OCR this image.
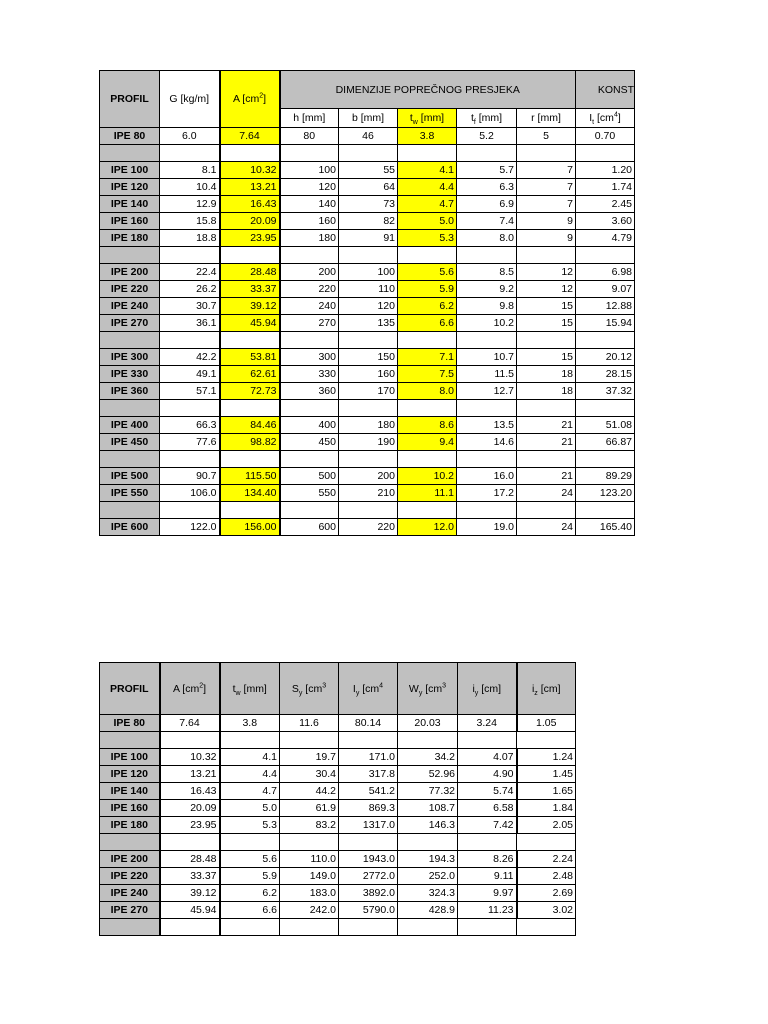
PROFIL	G [kg/m]	A $[cm^2]$	DIMENZIJE POPREČNOG PRESJEKA					KONST
			h [mm]	b [mm]	$t_w$ [mm]	$t_f$ [mm]	r [mm]	$I_t$ $[cm^4]$
IPE 80	6.0	7.64	80	46	3.8	5.2	5	0.70

IPE 100	8.1	10.32	100	55	4.1	5.7	7	1.20
IPE 120	10.4	13.21	120	64	4.4	6.3	7	1.74
IPE 140	12.9	16.43	140	73	4.7	6.9	7	2.45
IPE 160	15.8	20.09	160	82	5.0	7.4	9	3.60
IPE 180	18.8	23.95	180	91	5.3	8.0	9	4.79

IPE 200	22.4	28.48	200	100	5.6	8.5	12	6.98
IPE 220	26.2	33.37	220	110	5.9	9.2	12	9.07
IPE 240	30.7	39.12	240	120	6.2	9.8	15	12.88
IPE 270	36.1	45.94	270	135	6.6	10.2	15	15.94

IPE 300	42.2	53.81	300	150	7.1	10.7	15	20.12
IPE 330	49.1	62.61	330	160	7.5	11.5	18	28.15
IPE 360	57.1	72.73	360	170	8.0	12.7	18	37.32

IPE 400	66.3	84.46	400	180	8.6	13.5	21	51.08
IPE 450	77.6	98.82	450	190	9.4	14.6	21	66.87

IPE 500	90.7	115.50	500	200	10.2	16.0	21	89.29
IPE 550	106.0	134.40	550	210	11.1	17.2	24	123.20

IPE 600	122.0	156.00	600	220	12.0	19.0	24	165.40
PROFIL	A $[cm^2]$	$t_w$ [mm]	$S_y$ [$cm^3$	$I_y$ [$cm^4$	$W_y$ [$cm^3$	$i_y$ [cm]	$i_z$ [cm]
IPE 80	7.64	3.8	11.6	80.14	20.03	3.24	1.05

IPE 100	10.32	4.1	19.7	171.0	34.2	4.07	1.24
IPE 120	13.21	4.4	30.4	317.8	52.96	4.90	1.45
IPE 140	16.43	4.7	44.2	541.2	77.32	5.74	1.65
IPE 160	20.09	5.0	61.9	869.3	108.7	6.58	1.84
IPE 180	23.95	5.3	83.2	1317.0	146.3	7.42	2.05

IPE 200	28.48	5.6	110.0	1943.0	194.3	8.26	2.24
IPE 220	33.37	5.9	149.0	2772.0	252.0	9.11	2.48
IPE 240	39.12	6.2	183.0	3892.0	324.3	9.97	2.69
IPE 270	45.94	6.6	242.0	5790.0	428.9	11.23	3.02
